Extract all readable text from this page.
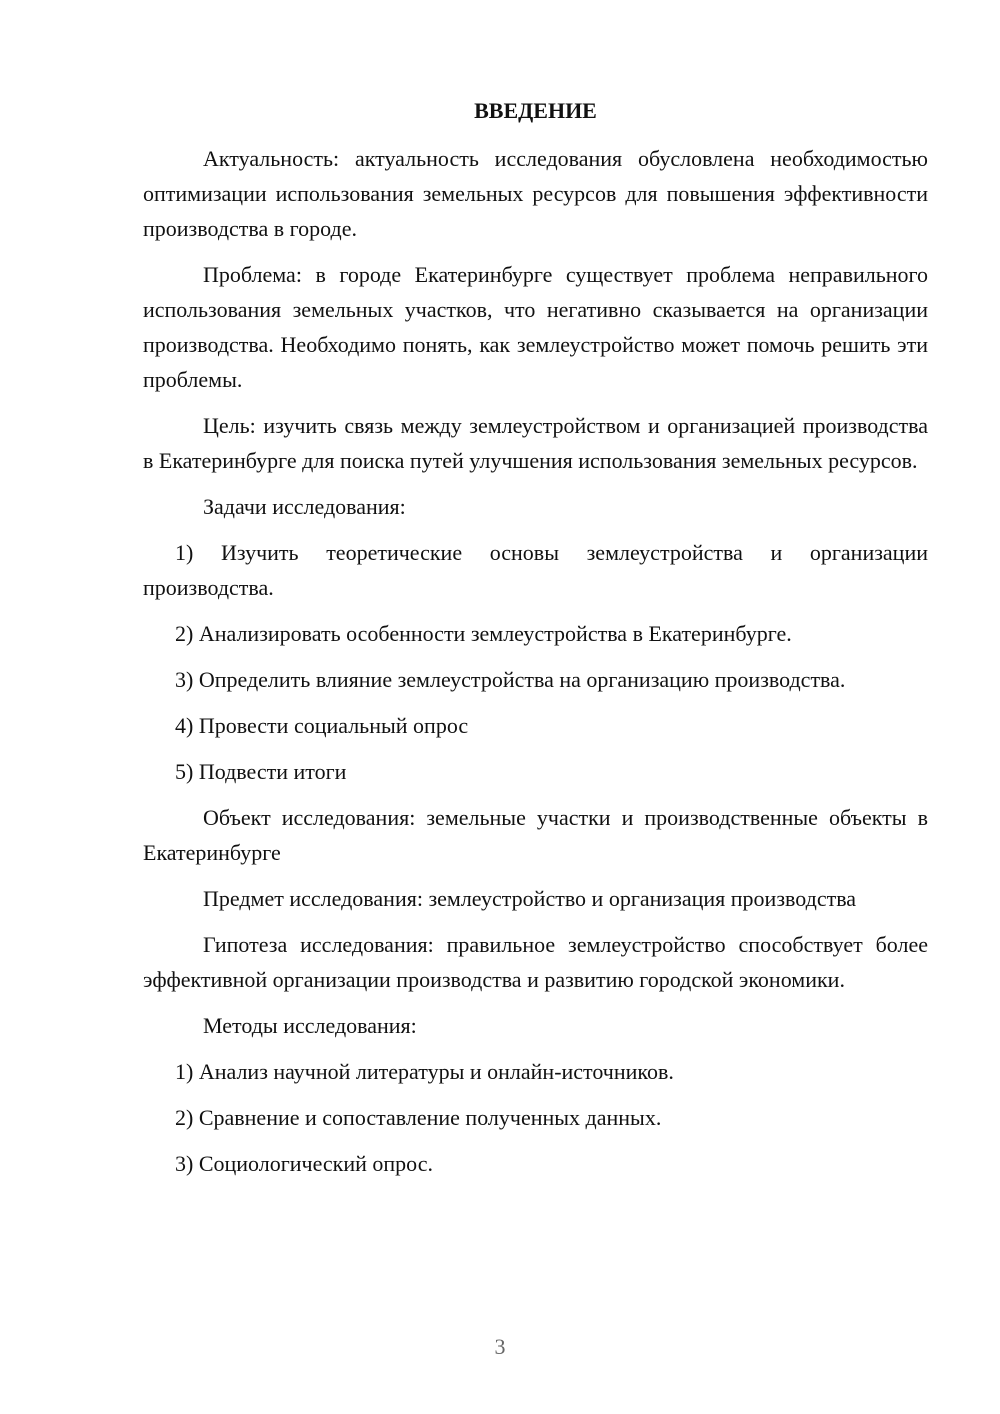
ВВЕДЕНИЕ

Актуальность: актуальность исследования обусловлена необходимостью оптимизации использования земельных ресурсов для повышения эффективности производства в городе.

Проблема: в городе Екатеринбурге существует проблема неправильного использования земельных участков, что негативно сказывается на организации производства. Необходимо понять, как землеустройство может помочь решить эти проблемы.

Цель: изучить связь между землеустройством и организацией производства в Екатеринбурге для поиска путей улучшения использования земельных ресурсов.

Задачи исследования:

1) Изучить теоретические основы землеустройства и организации производства.

2) Анализировать особенности землеустройства в Екатеринбурге.

3) Определить влияние землеустройства на организацию производства.

4) Провести социальный опрос

5) Подвести итоги

Объект исследования: земельные участки и производственные объекты в Екатеринбурге

Предмет исследования: землеустройство и организация производства

Гипотеза исследования: правильное землеустройство способствует более эффективной организации производства и развитию городской экономики.

Методы исследования:

1) Анализ научной литературы и онлайн-источников.

2) Сравнение и сопоставление полученных данных.

3) Социологический опрос.

3
